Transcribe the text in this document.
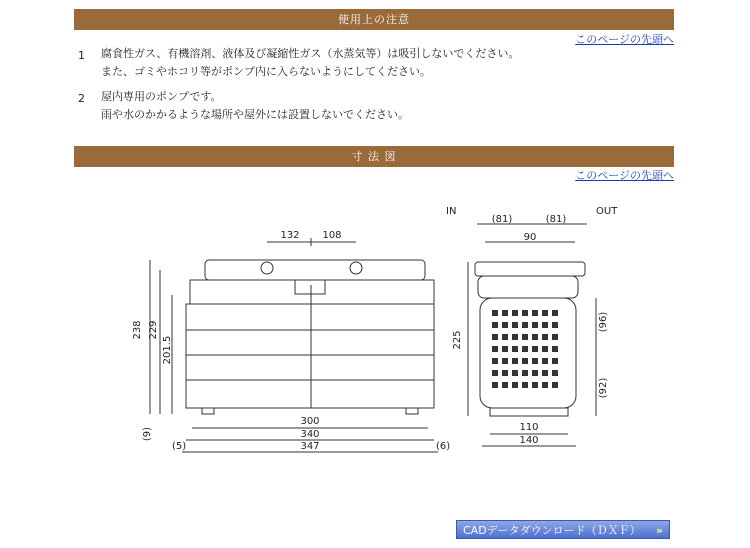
使用上の注意
このページの先頭へ
1 腐食性ガス、有機溶剤、液体及び凝縮性ガス（水蒸気等）は吸引しないでください。
また、ゴミやホコリ等がポンプ内に入らないようにしてください。
2 屋内専用のポンプです。
雨や水のかかるような場所や屋外には設置しないでください。
寸 法 図
このページの先頭へ
132 108
300
340
347
(5)	(6)
238 229
201.5
(9)
IN	OUT
(81)	(81)
90
110
140
225
(96)
(92)
CADデータダウンロード（ＤＸＦ） »
